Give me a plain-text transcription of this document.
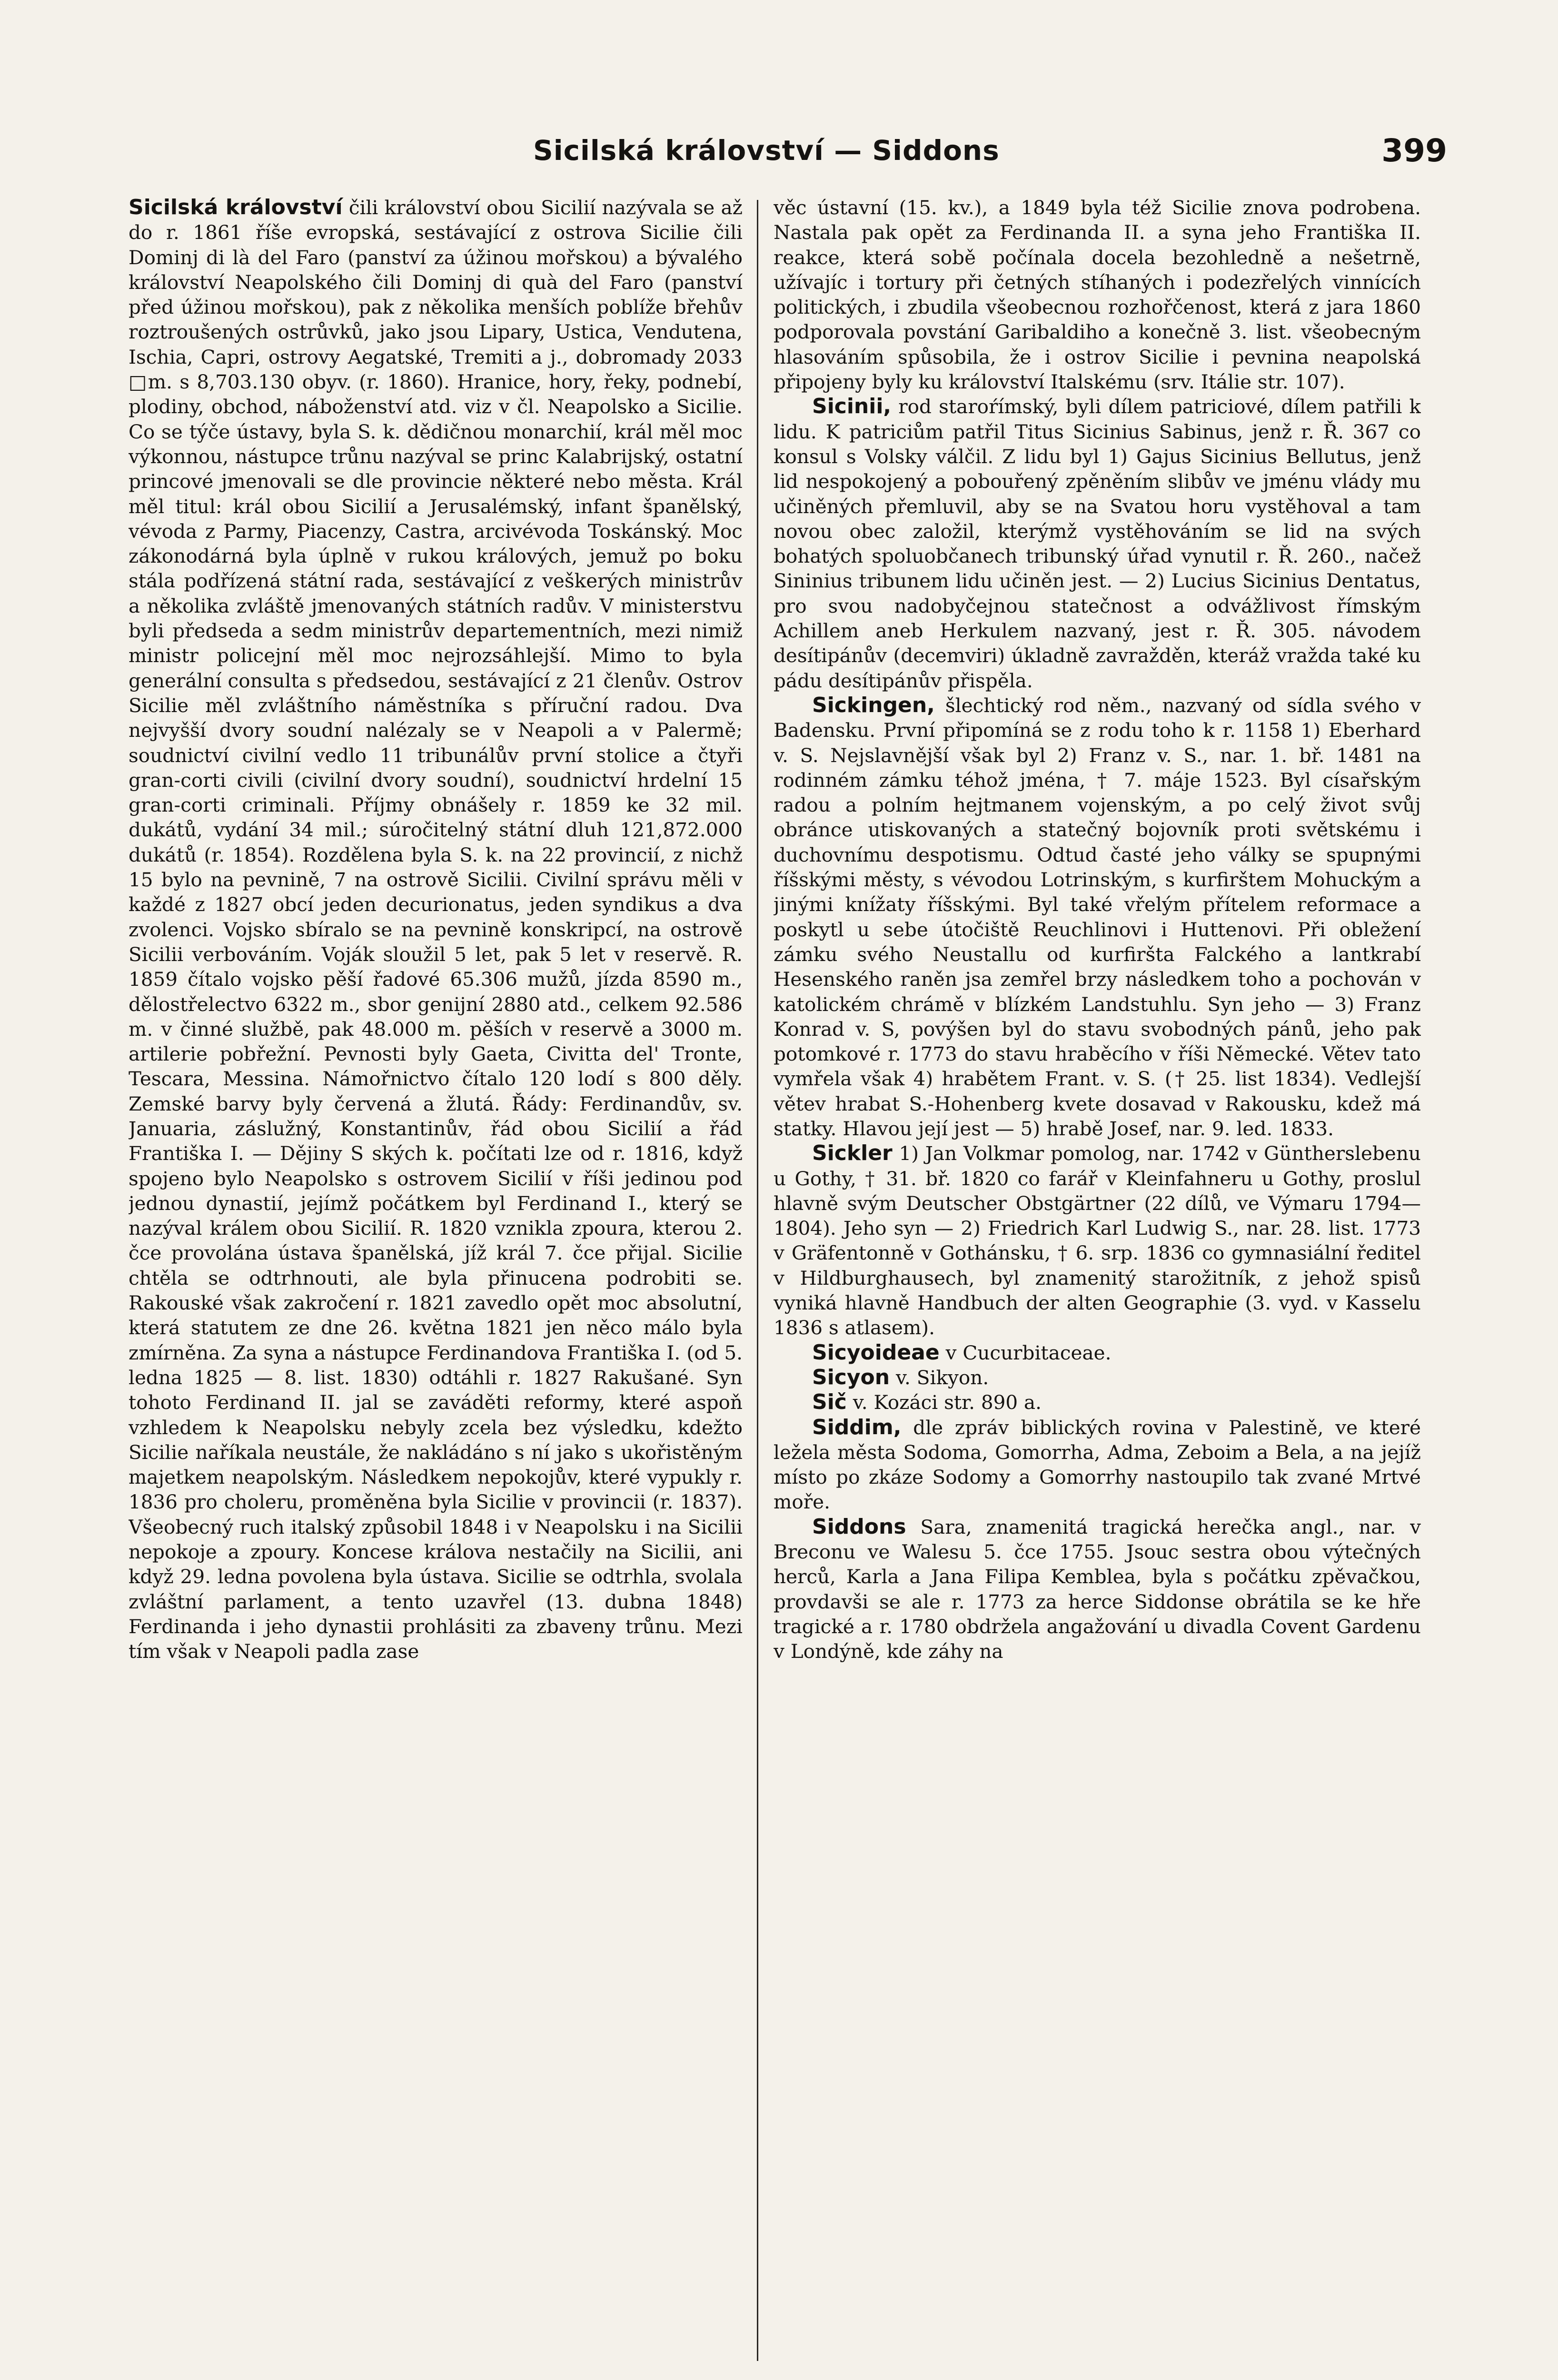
Sicilská království — Siddons	399

Sicilská království čili království obou Sicilií nazývala se až do r. 1861 říše evropská, sestávající z ostrova Sicilie čili Dominj di là del Faro (panství za úžinou mořskou) a bývalého království Neapolského čili Dominj di quà del Faro (panství před úžinou mořskou), pak z několika menších poblíže břehův roztroušených ostrůvků, jako jsou Lipary, Ustica, Vendutena, Ischia, Capri, ostrovy Aegatské, Tremiti a j., dobromady 2033 □m. s 8,703.130 obyv. (r. 1860). Hranice, hory, řeky, podnebí, plodiny, obchod, náboženství atd. viz v čl. Neapolsko a Sicilie. Co se týče ústavy, byla S. k. dědičnou monarchií, král měl moc výkonnou, nástupce trůnu nazýval se princ Kalabrijský, ostatní princové jmenovali se dle provincie některé nebo města. Král měl titul: král obou Sicilií a Jerusalémský, infant španělský, vévoda z Parmy, Piacenzy, Castra, arcivévoda Toskánský. Moc zákonodárná byla úplně v rukou králových, jemuž po boku stála podřízená státní rada, sestávající z veškerých ministrův a několika zvláště jmenovaných státních radův. V ministerstvu byli předseda a sedm ministrův departementních, mezi nimiž ministr policejní měl moc nejrozsáhlejší. Mimo to byla generální consulta s předsedou, sestávající z 21 členův. Ostrov Sicilie měl zvláštního náměstníka s příruční radou. Dva nejvyšší dvory soudní nalézaly se v Neapoli a v Palermě; soudnictví civilní vedlo 11 tribunálův první stolice a čtyři gran-corti civili (civilní dvory soudní), soudnictví hrdelní 15 gran-corti criminali. Příjmy obnášely r. 1859 ke 32 mil. dukátů, vydání 34 mil.; súročitelný státní dluh 121,872.000 dukátů (r. 1854). Rozdělena byla S. k. na 22 provincií, z nichž 15 bylo na pevnině, 7 na ostrově Sicilii. Civilní správu měli v každé z 1827 obcí jeden decurionatus, jeden syndikus a dva zvolenci. Vojsko sbíralo se na pevnině konskripcí, na ostrově Sicilii verbováním. Voják sloužil 5 let, pak 5 let v reservě. R. 1859 čítalo vojsko pěší řadové 65.306 mužů, jízda 8590 m., dělostřelectvo 6322 m., sbor genijní 2880 atd., celkem 92.586 m. v činné službě, pak 48.000 m. pěších v reservě a 3000 m. artilerie pobřežní. Pevnosti byly Gaeta, Civitta del' Tronte, Tescara, Messina. Námořnictvo čítalo 120 lodí s 800 děly. Zemské barvy byly červená a žlutá. Řády: Ferdinandův, sv. Januaria, záslužný, Konstantinův, řád obou Sicilií a řád Františka I. — Dějiny S ských k. počítati lze od r. 1816, když spojeno bylo Neapolsko s ostrovem Sicilií v říši jedinou pod jednou dynastií, jejímž počátkem byl Ferdinand I., který se nazýval králem obou Sicilií. R. 1820 vznikla zpoura, kterou 2. čce provolána ústava španělská, jíž král 7. čce přijal. Sicilie chtěla se odtrhnouti, ale byla přinucena podrobiti se. Rakouské však zakročení r. 1821 zavedlo opět moc absolutní, která statutem ze dne 26. května 1821 jen něco málo byla zmírněna. Za syna a nástupce Ferdinandova Františka I. (od 5. ledna 1825 — 8. list. 1830) odtáhli r. 1827 Rakušané. Syn tohoto Ferdinand II. jal se zaváděti reformy, které aspoň vzhledem k Neapolsku nebyly zcela bez výsledku, kdežto Sicilie naříkala neustále, že nakládáno s ní jako s ukořistěným majetkem neapolským. Následkem nepokojův, které vypukly r. 1836 pro choleru, proměněna byla Sicilie v provincii (r. 1837). Všeobecný ruch italský způsobil 1848 i v Neapolsku i na Sicilii nepokoje a zpoury. Koncese králova nestačily na Sicilii, ani když 29. ledna povolena byla ústava. Sicilie se odtrhla, svolala zvláštní parlament, a tento uzavřel (13. dubna 1848) Ferdinanda i jeho dynastii prohlásiti za zbaveny trůnu. Mezi tím však v Neapoli padla zase

věc ústavní (15. kv.), a 1849 byla též Sicilie znova podrobena. Nastala pak opět za Ferdinanda II. a syna jeho Františka II. reakce, která sobě počínala docela bezohledně a nešetrně, užívajíc i tortury při četných stíhaných i podezřelých vinnících politických, i zbudila všeobecnou rozhořčenost, která z jara 1860 podporovala povstání Garibaldiho a konečně 3. list. všeobecným hlasováním spůsobila, že i ostrov Sicilie i pevnina neapolská připojeny byly ku království Italskému (srv. Itálie str. 107).

  Sicinii, rod staroŕímský, byli dílem patriciové, dílem patřili k lidu. K patriciům patřil Titus Sicinius Sabinus, jenž r. Ř. 367 co konsul s Volsky válčil. Z lidu byl 1) Gajus Sicinius Bellutus, jenž lid nespokojený a pobouřený zpěněním slibův ve jménu vlády mu učiněných přemluvil, aby se na Svatou horu vystěhoval a tam novou obec založil, kterýmž vystěhováním se lid na svých bohatých spoluobčanech tribunský úřad vynutil r. Ř. 260., načež Sininius tribunem lidu učiněn jest. — 2) Lucius Sicinius Dentatus, pro svou nadobyčejnou statečnost a odvážlivost římským Achillem aneb Herkulem nazvaný, jest r. Ř. 305. návodem desítipánův (decemviri) úkladně zavražděn, kteráž vražda také ku pádu desítipánův přispěla.

  Sickingen, šlechtický rod něm., nazvaný od sídla svého v Badensku. První připomíná se z rodu toho k r. 1158 1) Eberhard v. S. Nejslavnější však byl 2) Franz v. S., nar. 1. bř. 1481 na rodinném zámku téhož jména, † 7. máje 1523. Byl císařským radou a polním hejtmanem vojenským, a po celý život svůj obránce utiskovaných a statečný bojovník proti světskému i duchovnímu despotismu. Odtud časté jeho války se spupnými říšskými městy, s vévodou Lotrinským, s kurfirštem Mohuckým a jinými knížaty říšskými. Byl také vřelým přítelem reformace a poskytl u sebe útočiště Reuchlinovi i Huttenovi. Při obležení zámku svého Neustallu od kurfiršta Falckého a lantkrabí Hesenského raněn jsa zemřel brzy následkem toho a pochován v katolickém chrámě v blízkém Landstuhlu. Syn jeho — 3) Franz Konrad v. S, povýšen byl do stavu svobodných pánů, jeho pak potomkové r. 1773 do stavu hraběcího v říši Německé. Větev tato vymřela však 4) hrabětem Frant. v. S. († 25. list 1834). Vedlejší větev hrabat S.-Hohenberg kvete dosavad v Rakousku, kdež má statky. Hlavou její jest — 5) hrabě Josef, nar. 9. led. 1833.

  Sickler 1) Jan Volkmar pomolog, nar. 1742 v Güntherslebenu u Gothy, † 31. bř. 1820 co farář v Kleinfahneru u Gothy, proslul hlavně svým Deutscher Obstgärtner (22 dílů, ve Výmaru 1794—1804). Jeho syn — 2) Friedrich Karl Ludwig S., nar. 28. list. 1773 v Gräfentonně v Gothánsku, † 6. srp. 1836 co gymnasiální ředitel v Hildburghausech, byl znamenitý starožitník, z jehož spisů vyniká hlavně Handbuch der alten Geographie (3. vyd. v Kasselu 1836 s atlasem).

  Sicyoideae v Cucurbitaceae.

  Sicyon v. Sikyon.

  Sič v. Kozáci str. 890 a.

  Siddim, dle zpráv biblických rovina v Palestině, ve které ležela města Sodoma, Gomorrha, Adma, Zeboim a Bela, a na jejíž místo po zkáze Sodomy a Gomorrhy nastoupilo tak zvané Mrtvé moře.

  Siddons Sara, znamenitá tragická herečka angl., nar. v Breconu ve Walesu 5. čce 1755. Jsouc sestra obou výtečných herců, Karla a Jana Filipa Kemblea, byla s počátku zpěvačkou, provdavši se ale r. 1773 za herce Siddonse obrátila se ke hře tragické a r. 1780 obdržela angažování u divadla Covent Gardenu v Londýně, kde záhy na
